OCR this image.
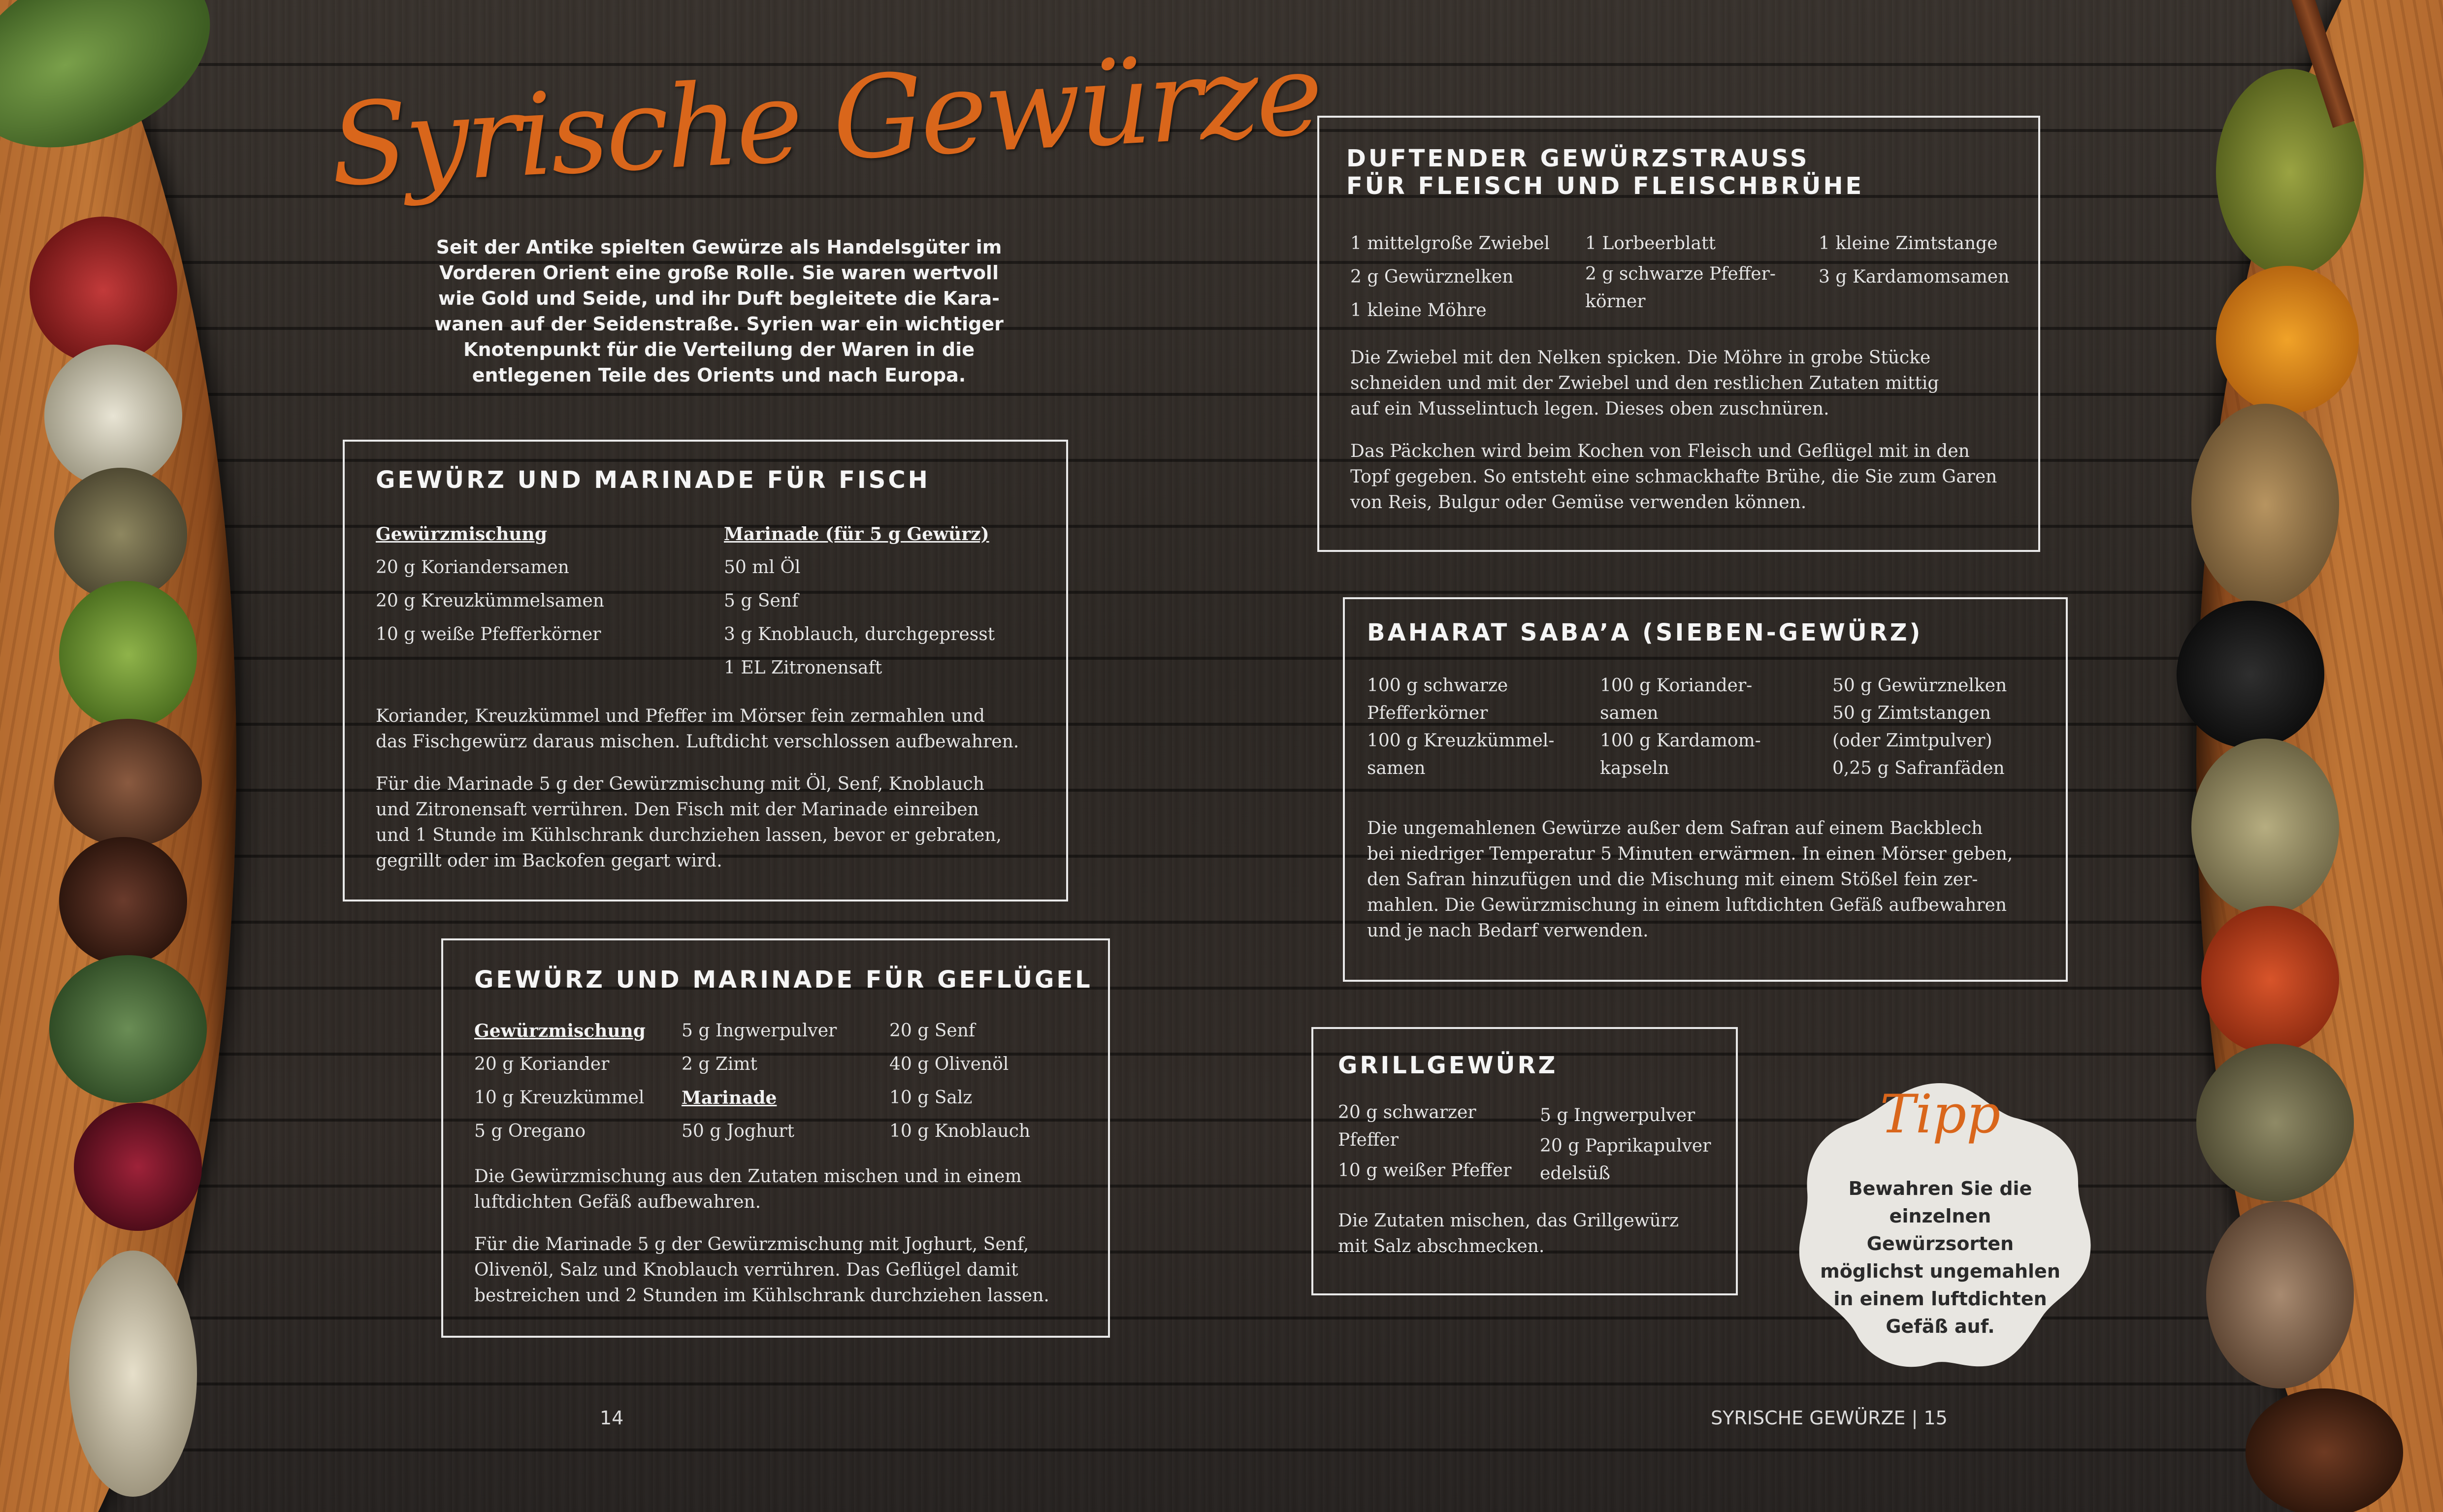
Syrische Gewürze

Seit der Antike spielten Gewürze als Handelsgüter im
Vorderen Orient eine große Rolle. Sie waren wertvoll
wie Gold und Seide, und ihr Duft begleitete die Kara-
wanen auf der Seidenstraße. Syrien war ein wichtiger
Knotenpunkt für die Verteilung der Waren in die
entlegenen Teile des Orients und nach Europa.

GEWÜRZ UND MARINADE FÜR FISCH
Gewürzmischung
20 g Koriandersamen
20 g Kreuzkümmelsamen
10 g weiße Pfefferkörner
Marinade (für 5 g Gewürz)
50 ml Öl
5 g Senf
3 g Knoblauch, durchgepresst
1 EL Zitronensaft

Koriander, Kreuzkümmel und Pfeffer im Mörser fein zermahlen und
das Fischgewürz daraus mischen. Luftdicht verschlossen aufbewahren.

Für die Marinade 5 g der Gewürzmischung mit Öl, Senf, Knoblauch
und Zitronensaft verrühren. Den Fisch mit der Marinade einreiben
und 1 Stunde im Kühlschrank durchziehen lassen, bevor er gebraten,
gegrillt oder im Backofen gegart wird.

GEWÜRZ UND MARINADE FÜR GEFLÜGEL
Gewürzmischung
20 g Koriander
10 g Kreuzkümmel
5 g Oregano
5 g Ingwerpulver
2 g Zimt
Marinade
50 g Joghurt
20 g Senf
40 g Olivenöl
10 g Salz
10 g Knoblauch

Die Gewürzmischung aus den Zutaten mischen und in einem
luftdichten Gefäß aufbewahren.

Für die Marinade 5 g der Gewürzmischung mit Joghurt, Senf,
Olivenöl, Salz und Knoblauch verrühren. Das Geflügel damit
bestreichen und 2 Stunden im Kühlschrank durchziehen lassen.

14
DUFTENDER GEWÜRZSTRAUSS
FÜR FLEISCH UND FLEISCHBRÜHE
1 mittelgroße Zwiebel
2 g Gewürznelken
1 kleine Möhre
1 Lorbeerblatt
2 g schwarze Pfeffer-
körner
1 kleine Zimtstange
3 g Kardamomsamen

Die Zwiebel mit den Nelken spicken. Die Möhre in grobe Stücke
schneiden und mit der Zwiebel und den restlichen Zutaten mittig
auf ein Musselintuch legen. Dieses oben zuschnüren.

Das Päckchen wird beim Kochen von Fleisch und Geflügel mit in den
Topf gegeben. So entsteht eine schmackhafte Brühe, die Sie zum Garen
von Reis, Bulgur oder Gemüse verwenden können.

BAHARAT SABA’A (SIEBEN-GEWÜRZ)
100 g schwarze
Pfefferkörner
100 g Kreuzkümmel-
samen
100 g Koriander-
samen
100 g Kardamom-
kapseln
50 g Gewürznelken
50 g Zimtstangen
(oder Zimtpulver)
0,25 g Safranfäden

Die ungemahlenen Gewürze außer dem Safran auf einem Backblech
bei niedriger Temperatur 5 Minuten erwärmen. In einen Mörser geben,
den Safran hinzufügen und die Mischung mit einem Stößel fein zer-
mahlen. Die Gewürzmischung in einem luftdichten Gefäß aufbewahren
und je nach Bedarf verwenden.

GRILLGEWÜRZ
20 g schwarzer
Pfeffer
10 g weißer Pfeffer
5 g Ingwerpulver
20 g Paprikapulver
edelsüß

Die Zutaten mischen, das Grillgewürz
mit Salz abschmecken.

Tipp
Bewahren Sie die
einzelnen Gewürzsorten
möglichst ungemahlen
in einem luftdichten
Gefäß auf.
SYRISCHE GEWÜRZE | 15
